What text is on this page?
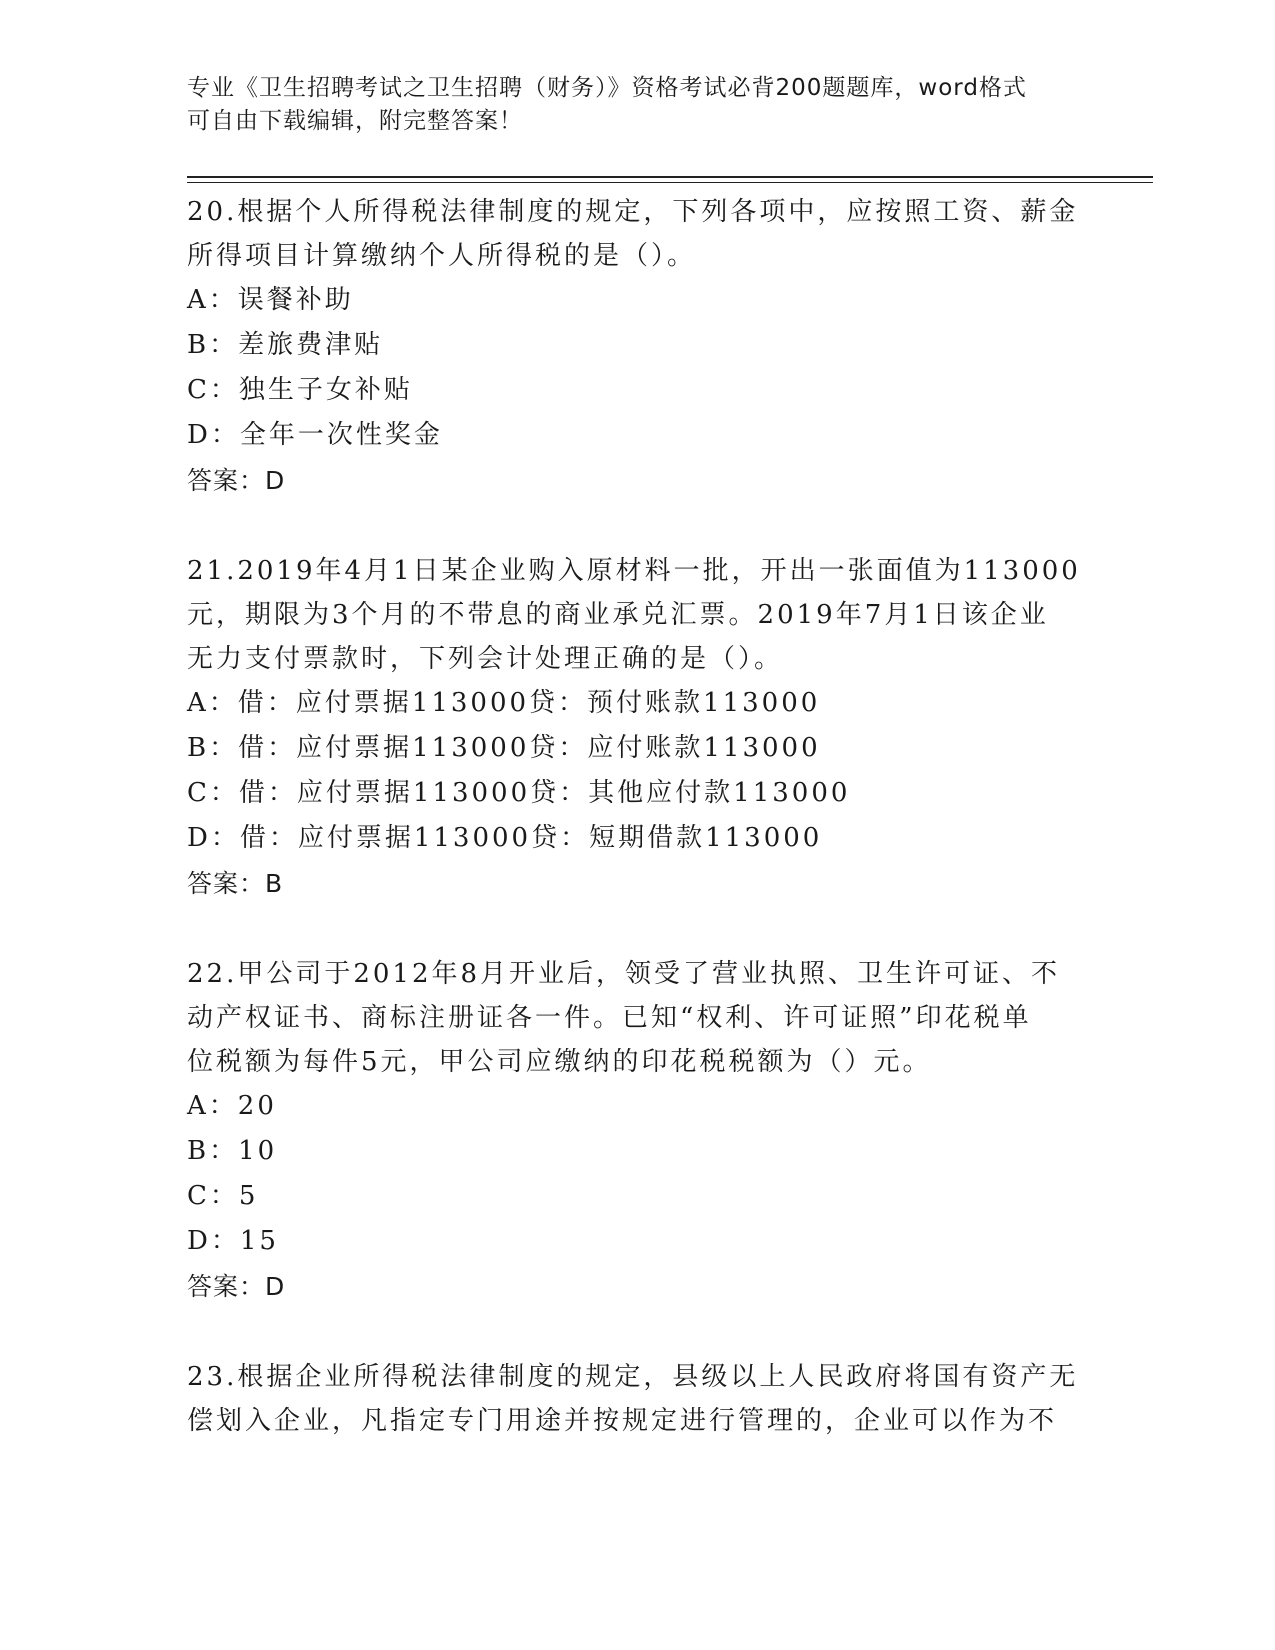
专业《卫生招聘考试之卫生招聘（财务）》资格考试必背200题题库，word格式
可自由下载编辑，附完整答案！
20.根据个人所得税法律制度的规定，下列各项中，应按照工资、薪金
所得项目计算缴纳个人所得税的是（）。
A：误餐补助
B：差旅费津贴
C：独生子女补贴
D：全年一次性奖金
答案：D
21.2019年4月1日某企业购入原材料一批，开出一张面值为113000
元，期限为3个月的不带息的商业承兑汇票。2019年7月1日该企业
无力支付票款时，下列会计处理正确的是（）。
A：借：应付票据113000贷：预付账款113000
B：借：应付票据113000贷：应付账款113000
C：借：应付票据113000贷：其他应付款113000
D：借：应付票据113000贷：短期借款113000
答案：B
22.甲公司于2012年8月开业后，领受了营业执照、卫生许可证、不
动产权证书、商标注册证各一件。已知“权利、许可证照”印花税单
位税额为每件5元，甲公司应缴纳的印花税税额为（）元。
A：20
B：10
C：5
D：15
答案：D
23.根据企业所得税法律制度的规定，县级以上人民政府将国有资产无
偿划入企业，凡指定专门用途并按规定进行管理的，企业可以作为不
